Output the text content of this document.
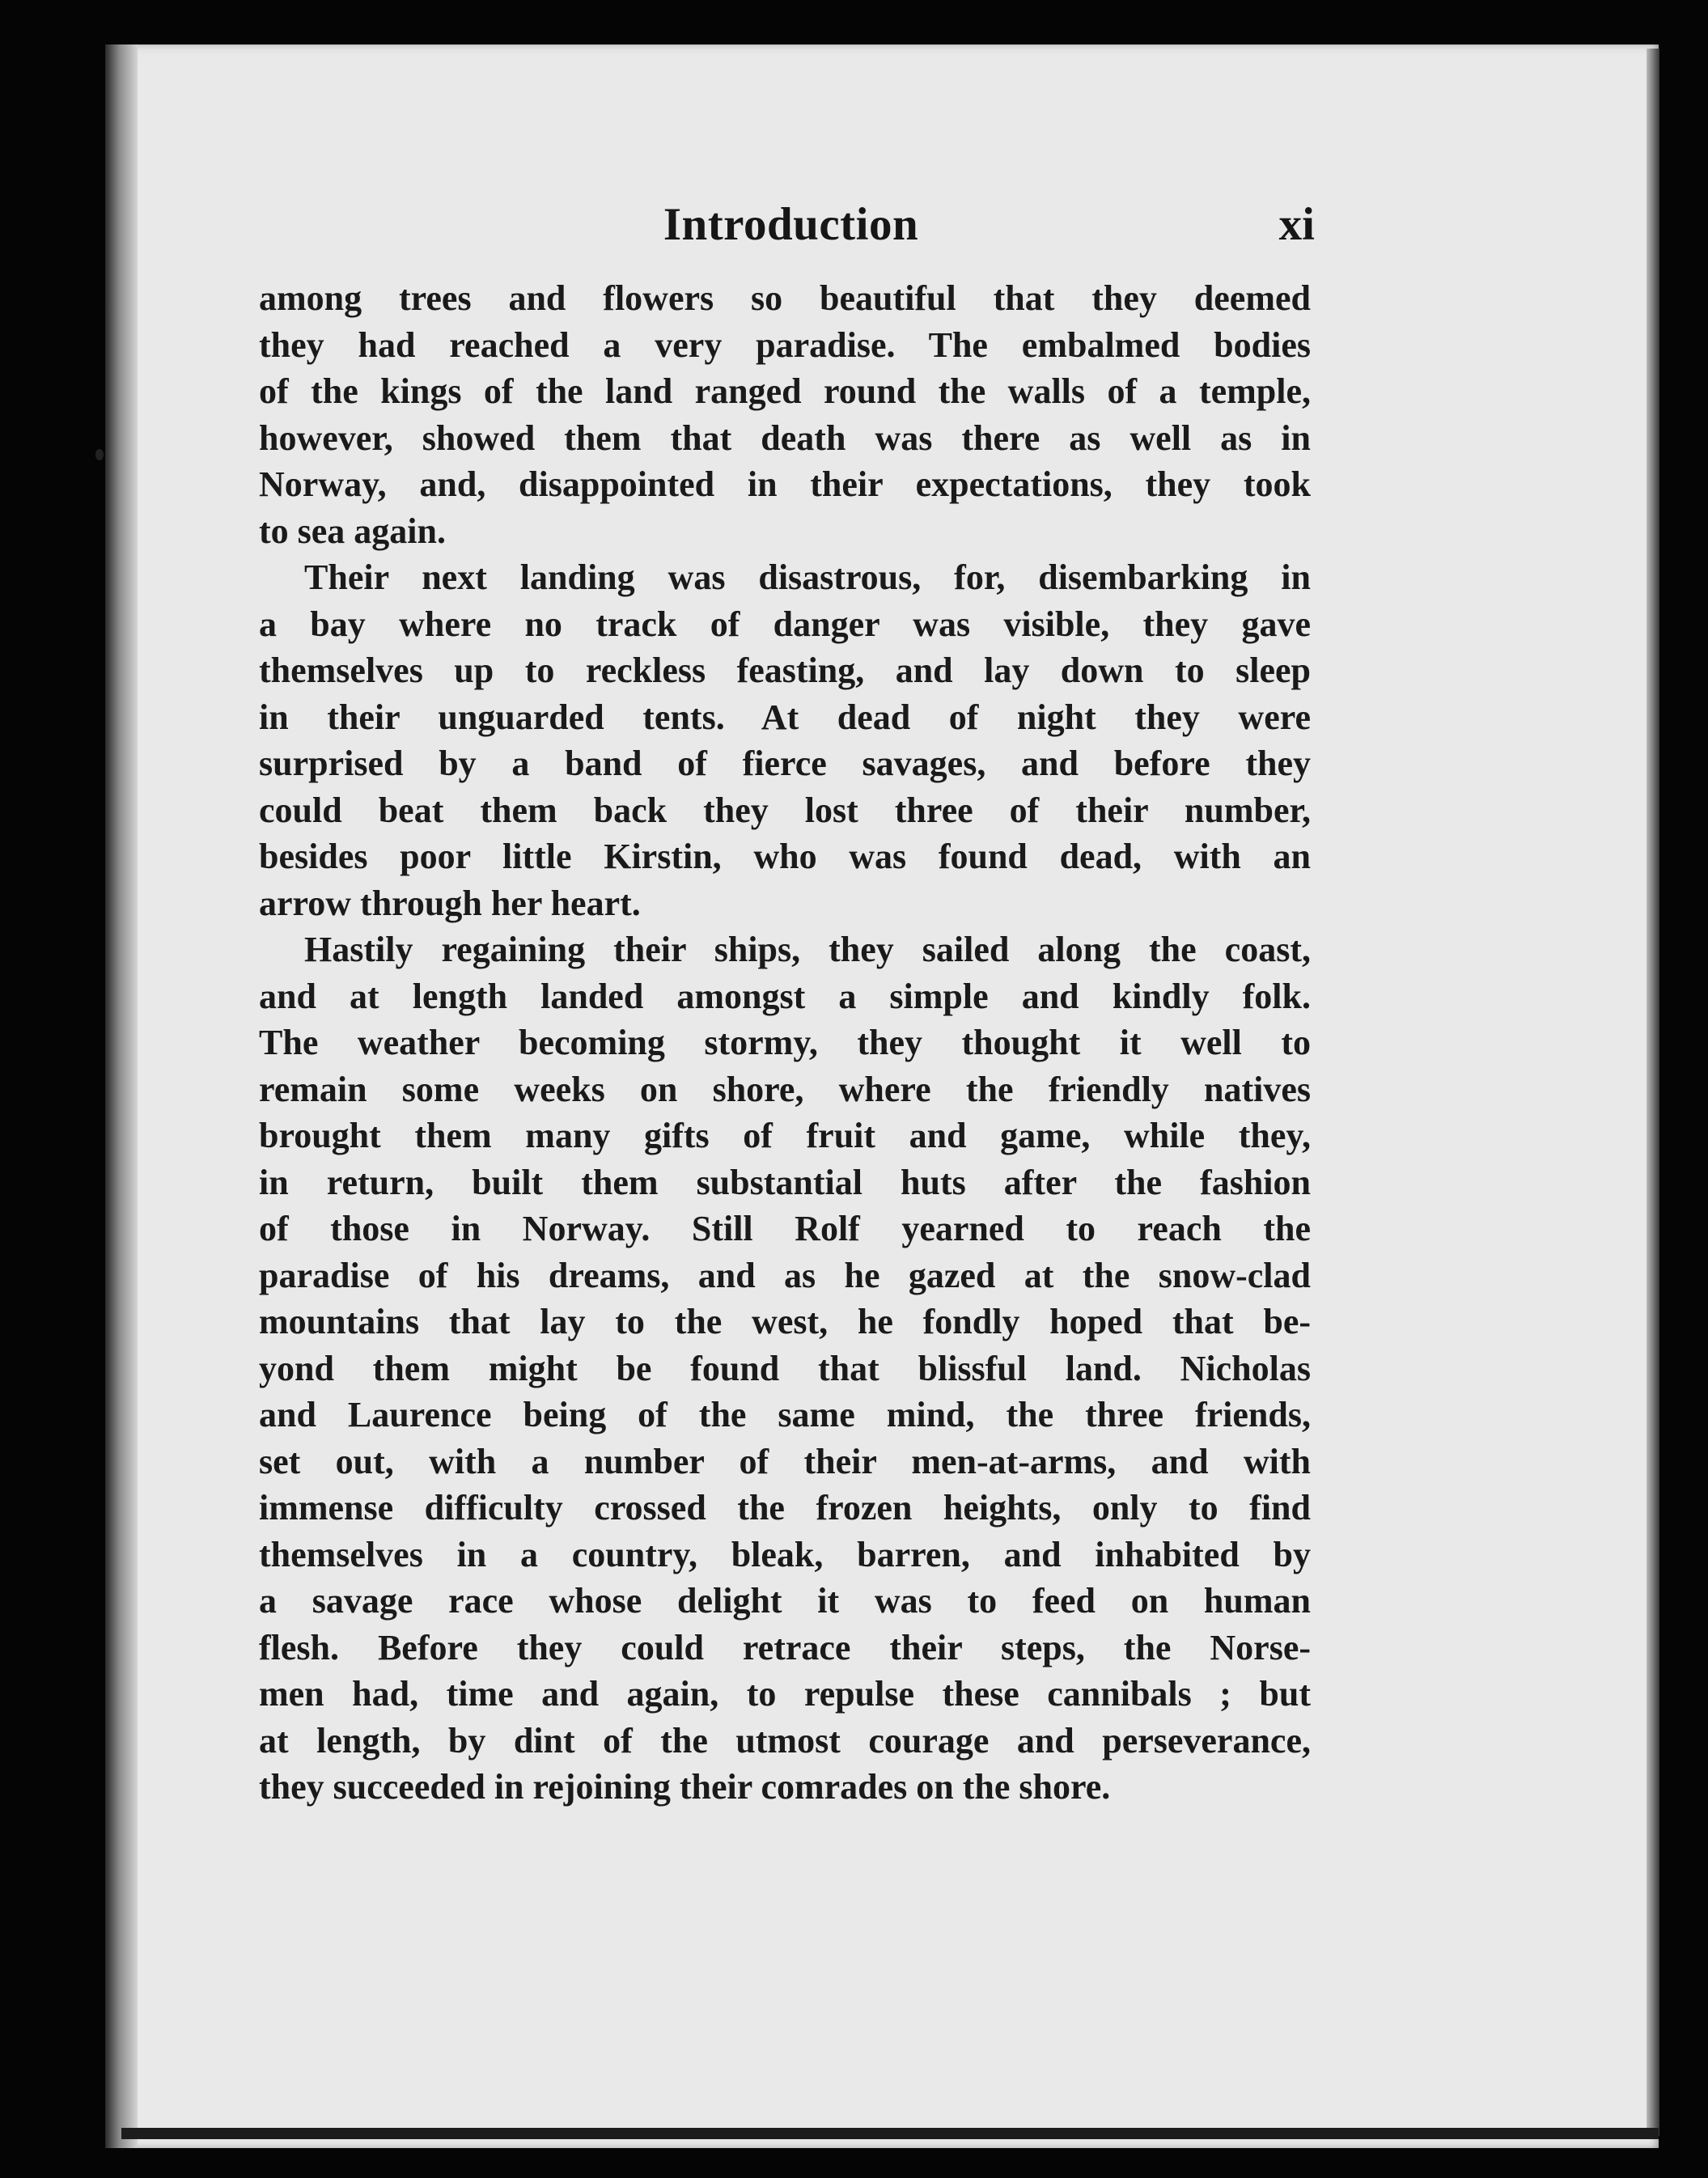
Introduction	xi
among trees and flowers so beautiful that they deemed
they had reached a very paradise. The embalmed bodies
of the kings of the land ranged round the walls of a temple,
however, showed them that death was there as well as in
Norway, and, disappointed in their expectations, they took
to sea again.
Their next landing was disastrous, for, disembarking in
a bay where no track of danger was visible, they gave
themselves up to reckless feasting, and lay down to sleep
in their unguarded tents. At dead of night they were
surprised by a band of fierce savages, and before they
could beat them back they lost three of their number,
besides poor little Kirstin, who was found dead, with an
arrow through her heart.
Hastily regaining their ships, they sailed along the coast,
and at length landed amongst a simple and kindly folk.
The weather becoming stormy, they thought it well to
remain some weeks on shore, where the friendly natives
brought them many gifts of fruit and game, while they,
in return, built them substantial huts after the fashion
of those in Norway. Still Rolf yearned to reach the
paradise of his dreams, and as he gazed at the snow-clad
mountains that lay to the west, he fondly hoped that be-
yond them might be found that blissful land. Nicholas
and Laurence being of the same mind, the three friends,
set out, with a number of their men-at-arms, and with
immense difficulty crossed the frozen heights, only to find
themselves in a country, bleak, barren, and inhabited by
a savage race whose delight it was to feed on human
flesh. Before they could retrace their steps, the Norse-
men had, time and again, to repulse these cannibals ; but
at length, by dint of the utmost courage and perseverance,
they succeeded in rejoining their comrades on the shore.
